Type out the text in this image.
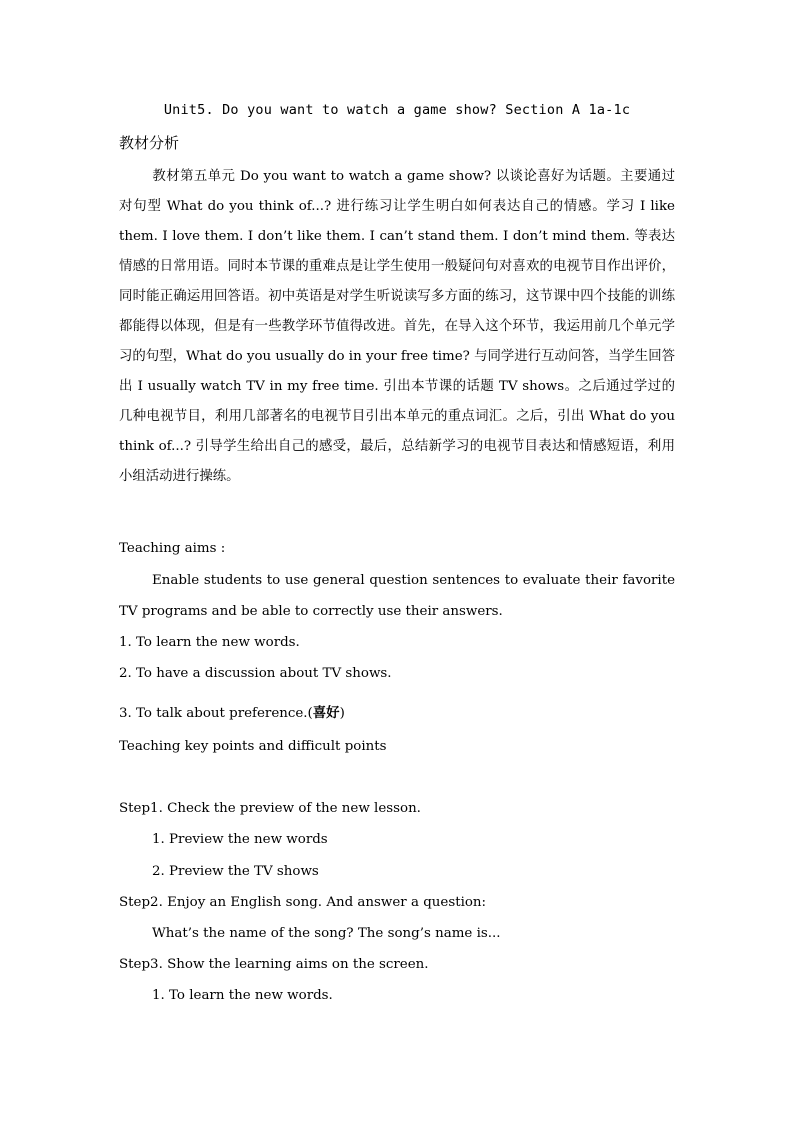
Unit5. Do you want to watch a game show? Section A 1a-1c
教材分析
教材第五单元 Do you want to watch a game show? 以谈论喜好为话题。主要通过对句型 What do you think of...? 进行练习让学生明白如何表达自己的情感。学习 I like them. I love them. I don’t like them. I can’t stand them. I don’t mind them. 等表达情感的日常用语。同时本节课的重难点是让学生使用一般疑问句对喜欢的电视节目作出评价，同时能正确运用回答语。初中英语是对学生听说读写多方面的练习，这节课中四个技能的训练都能得以体现，但是有一些教学环节值得改进。首先，在导入这个环节，我运用前几个单元学习的句型，What do you usually do in your free time? 与同学进行互动问答，当学生回答出 I usually watch TV in my free time. 引出本节课的话题 TV shows。之后通过学过的几种电视节目，利用几部著名的电视节目引出本单元的重点词汇。之后，引出 What do you think of...? 引导学生给出自己的感受，最后，总结新学习的电视节目表达和情感短语，利用小组活动进行操练。
Teaching aims :
Enable students to use general question sentences to evaluate their favorite TV programs and be able to correctly use their answers.
1. To learn the new words.
2. To have a discussion about TV shows.
3. To talk about preference.(喜好)
Teaching key points and difficult points
Step1. Check the preview of the new lesson.
1. Preview the new words
2. Preview the TV shows
Step2. Enjoy an English song. And answer a question:
What’s the name of the song? The song’s name is...
Step3. Show the learning aims on the screen.
1. To learn the new words.
